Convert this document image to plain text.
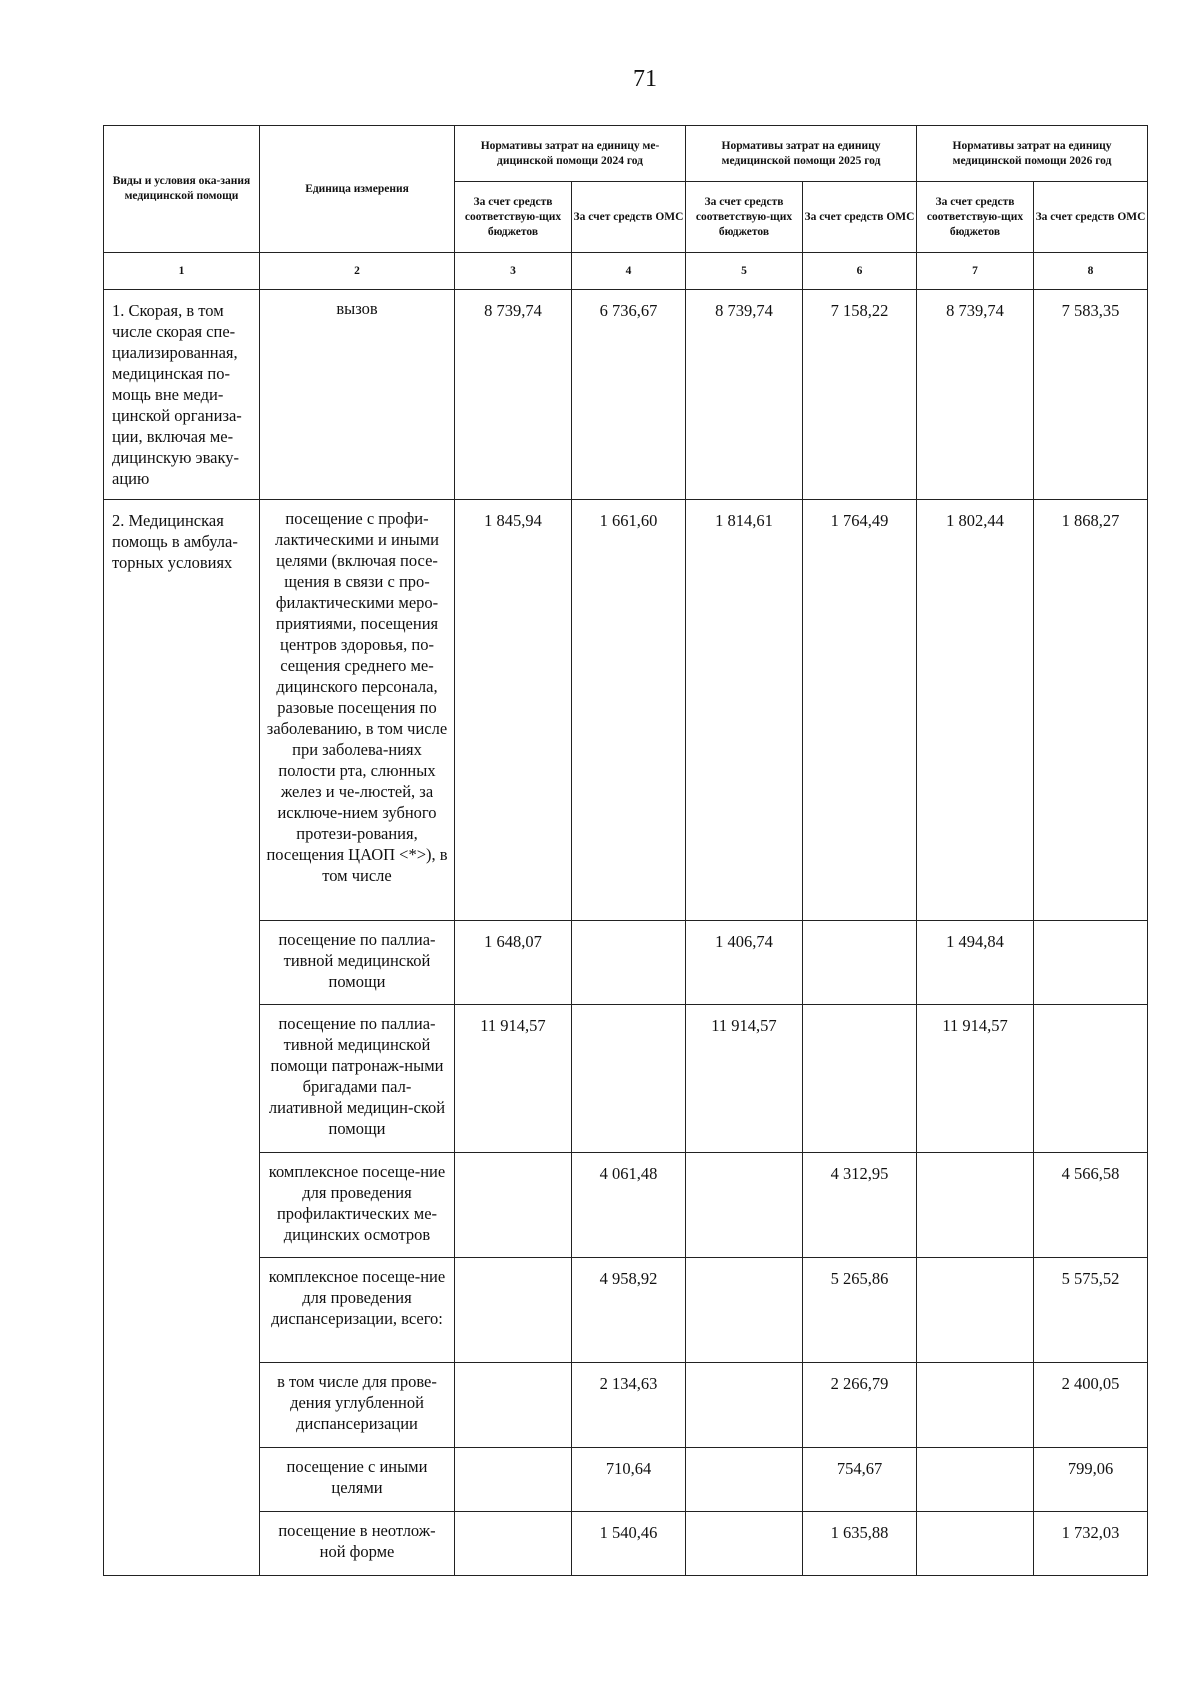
71
Виды и условия ока-зания медицинской помощи	Единица измерения	Нормативы затрат на единицу ме-дицинской помощи 2024 год		Нормативы затрат на единицу медицинской помощи 2025 год		Нормативы затрат на единицу медицинской помощи 2026 год	
		За счет средств соответствую-щих бюджетов	За счет средств ОМС	За счет средств соответствую-щих бюджетов	За счет средств ОМС	За счет средств соответствую-щих бюджетов	За счет средств ОМС
1	2	3	4	5	6	7	8
1. Скорая, в том числе скорая спе-циализированная, медицинская по-мощь вне меди-цинской организа-ции, включая ме-дицинскую эваку-ацию	вызов	8 739,74	6 736,67	8 739,74	7 158,22	8 739,74	7 583,35
2. Медицинская помощь в амбула-торных условиях	посещение с профи-лактическими и иными целями (включая посе-щения в связи с про-филактическими меро-приятиями, посещения центров здоровья, по-сещения среднего ме-дицинского персонала, разовые посещения по заболеванию, в том числе при заболева-ниях полости рта, слюнных желез и че-люстей, за исключе-нием зубного протези-рования, посещения ЦАОП <*>), в том числе	1 845,94	1 661,60	1 814,61	1 764,49	1 802,44	1 868,27
	посещение по паллиа-тивной медицинской помощи	1 648,07		1 406,74		1 494,84	
	посещение по паллиа-тивной медицинской помощи патронаж-ными бригадами пал-лиативной медицин-ской помощи	11 914,57		11 914,57		11 914,57	
	комплексное посеще-ние для проведения профилактических ме-дицинских осмотров		4 061,48		4 312,95		4 566,58
	комплексное посеще-ние для проведения диспансеризации, всего:		4 958,92		5 265,86		5 575,52
	в том числе для прове-дения углубленной диспансеризации		2 134,63		2 266,79		2 400,05
	посещение с иными целями		710,64		754,67		799,06
	посещение в неотлож-ной форме		1 540,46		1 635,88		1 732,03
